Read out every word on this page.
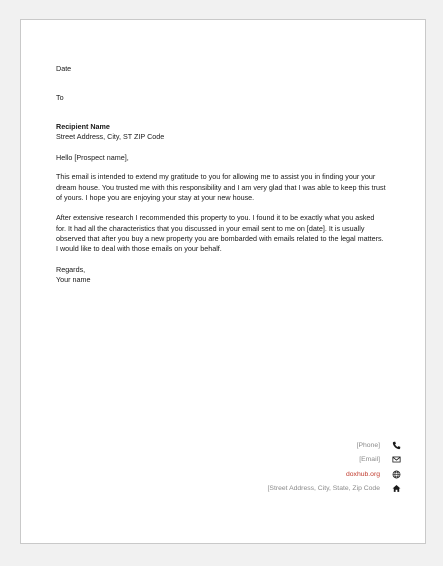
Date

To

Recipient Name

Street Address, City, ST ZIP Code

Hello [Prospect name],

This email is intended to extend my gratitude to you for allowing me to assist you in finding your your dream house. You trusted me with this responsibility and I am very glad that I was able to keep this trust of yours. I hope you are enjoying your stay at your new house.

After extensive research I recommended this property to you. I found it to be exactly what you asked for. It had all the characteristics that you discussed in your email sent to me on [date]. It is usually observed that after you buy a new property you are bombarded with emails related to the legal matters. I would like to deal with those emails on your behalf.

Regards,

Your name

[Phone]
[Email]
doxhub.org
[Street Address, City, State, Zip Code
